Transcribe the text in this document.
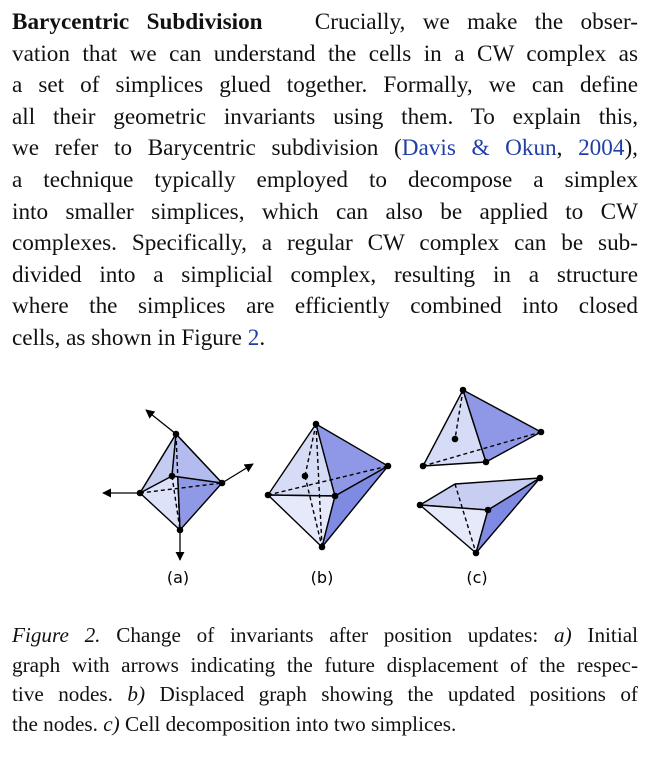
Barycentric Subdivision Crucially, we make the obser-
vation that we can understand the cells in a CW complex as
a set of simplices glued together. Formally, we can define
all their geometric invariants using them. To explain this,
we refer to Barycentric subdivision (Davis & Okun, 2004),
a technique typically employed to decompose a simplex
into smaller simplices, which can also be applied to CW
complexes. Specifically, a regular CW complex can be sub-
divided into a simplicial complex, resulting in a structure
where the simplices are efficiently combined into closed
cells, as shown in Figure 2.
(a)	(b)	(c)
Figure 2. Change of invariants after position updates: a) Initial
graph with arrows indicating the future displacement of the respec-
tive nodes. b) Displaced graph showing the updated positions of
the nodes. c) Cell decomposition into two simplices.
